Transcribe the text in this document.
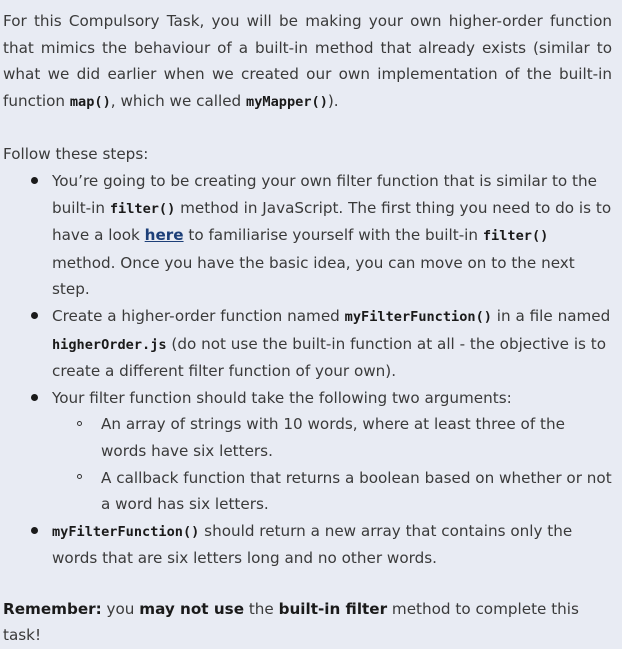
For this Compulsory Task, you will be making your own higher-order function that mimics the behaviour of a built-in method that already exists (similar to what we did earlier when we created our own implementation of the built-in function map(), which we called myMapper()).

Follow these steps:

You’re going to be creating your own filter function that is similar to the built-in filter() method in JavaScript. The first thing you need to do is to have a look here to familiarise yourself with the built-in filter() method. Once you have the basic idea, you can move on to the next step.
Create a higher-order function named myFilterFunction() in a file named higherOrder.js (do not use the built-in function at all - the objective is to create a different filter function of your own).
Your filter function should take the following two arguments:
An array of strings with 10 words, where at least three of the words have six letters.
A callback function that returns a boolean based on whether or not a word has six letters.
myFilterFunction() should return a new array that contains only the words that are six letters long and no other words.

Remember: you may not use the built-in filter method to complete this task!
